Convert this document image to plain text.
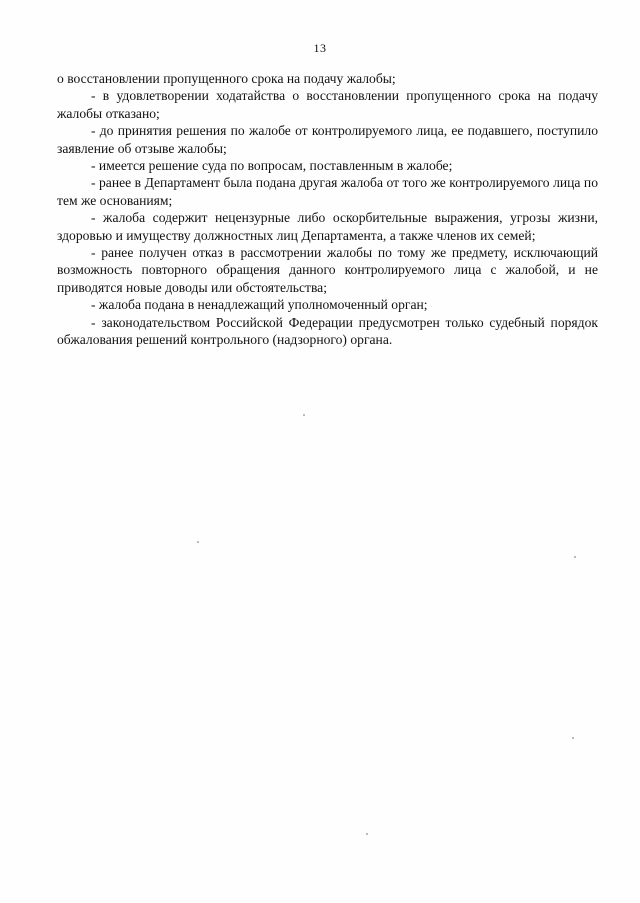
13

о восстановлении пропущенного срока на подачу жалобы;

- в удовлетворении ходатайства о восстановлении пропущенного срока на подачу жалобы отказано;

- до принятия решения по жалобе от контролируемого лица, ее подавшего, поступило заявление об отзыве жалобы;

- имеется решение суда по вопросам, поставленным в жалобе;

- ранее в Департамент была подана другая жалоба от того же контролируемого лица по тем же основаниям;

- жалоба содержит нецензурные либо оскорбительные выражения, угрозы жизни, здоровью и имуществу должностных лиц Департамента, а также членов их семей;

- ранее получен отказ в рассмотрении жалобы по тому же предмету, исключающий возможность повторного обращения данного контролируемого лица с жалобой, и не приводятся новые доводы или обстоятельства;

- жалоба подана в ненадлежащий уполномоченный орган;

- законодательством Российской Федерации предусмотрен только судебный порядок обжалования решений контрольного (надзорного) органа.
